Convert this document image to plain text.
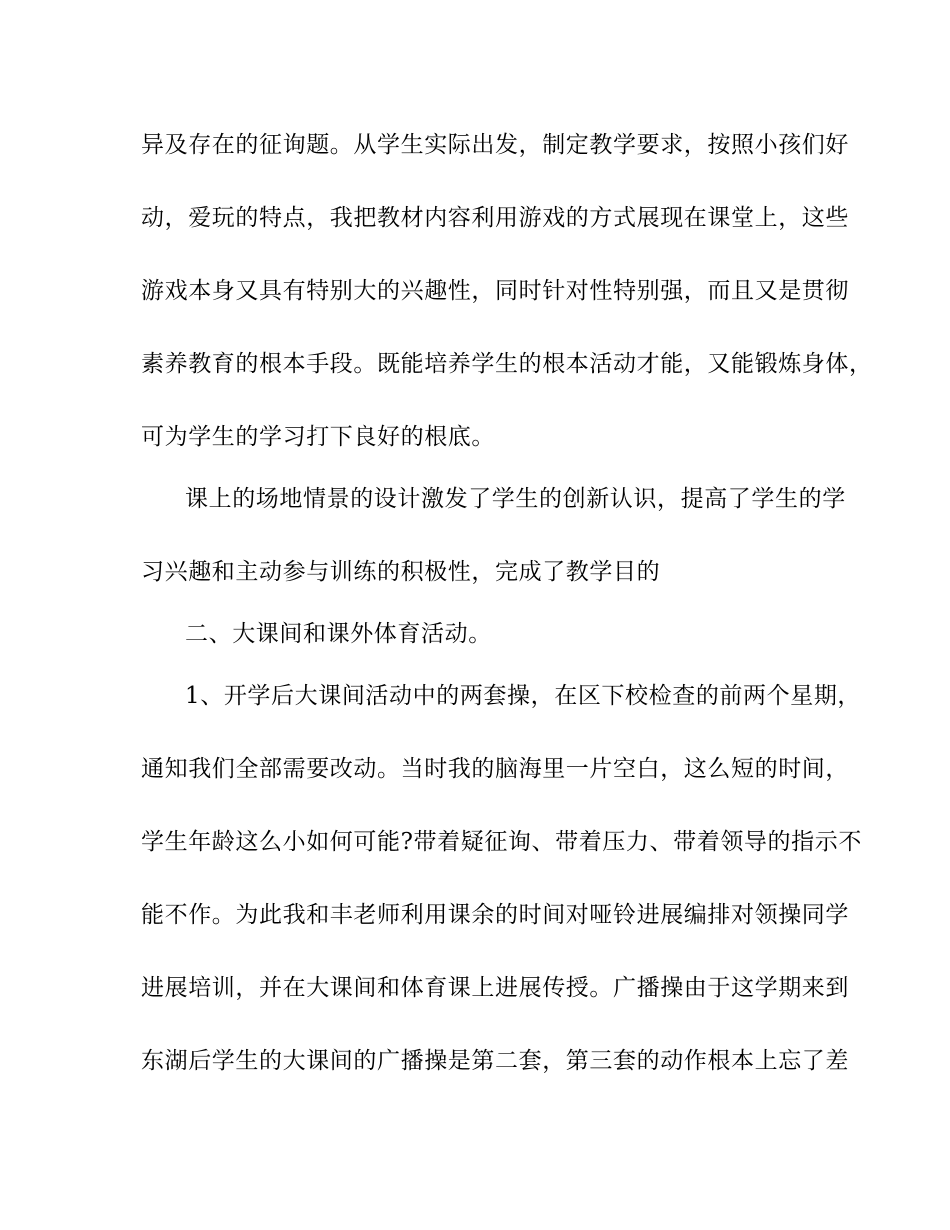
异及存在的征询题。从学生实际出发，制定教学要求，按照小孩们好
动，爱玩的特点，我把教材内容利用游戏的方式展现在课堂上，这些
游戏本身又具有特别大的兴趣性，同时针对性特别强，而且又是贯彻
素养教育的根本手段。既能培养学生的根本活动才能，又能锻炼身体，
可为学生的学习打下良好的根底。
课上的场地情景的设计激发了学生的创新认识，提高了学生的学
习兴趣和主动参与训练的积极性，完成了教学目的
二、大课间和课外体育活动。
1、开学后大课间活动中的两套操，在区下校检查的前两个星期，
通知我们全部需要改动。当时我的脑海里一片空白，这么短的时间，
学生年龄这么小如何可能?带着疑征询、带着压力、带着领导的指示不
能不作。为此我和丰老师利用课余的时间对哑铃进展编排对领操同学
进展培训，并在大课间和体育课上进展传授。广播操由于这学期来到
东湖后学生的大课间的广播操是第二套，第三套的动作根本上忘了差
